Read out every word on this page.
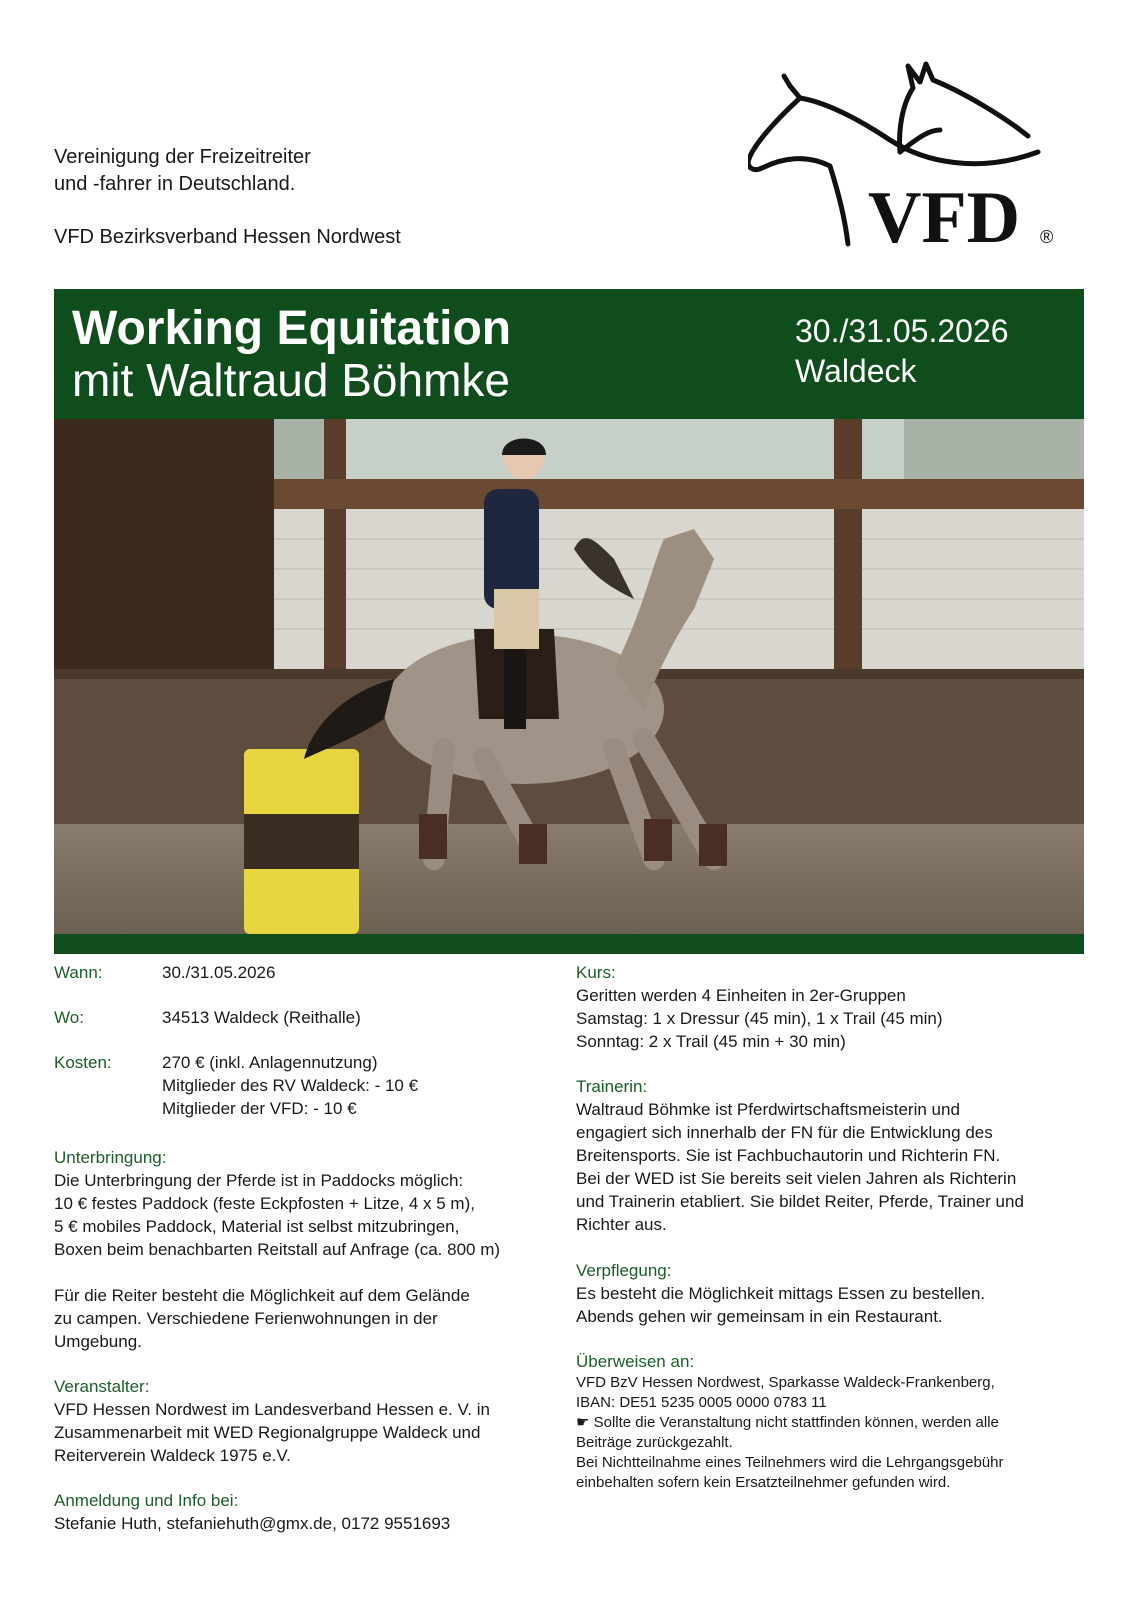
Vereinigung der Freizeitreiter
und -fahrer in Deutschland.
VFD Bezirksverband Hessen Nordwest	VFD ®
Working Equitation
mit Waltraud Böhmke
30./31.05.2026
Waldeck
Wann:	30./31.05.2026
Wo:	34513 Waldeck (Reithalle)
Kosten:	270 € (inkl. Anlagennutzung)
Mitglieder des RV Waldeck: - 10 €
Mitglieder der VFD: - 10 €
Unterbringung:
Die Unterbringung der Pferde ist in Paddocks möglich:
10 € festes Paddock (feste Eckpfosten + Litze, 4 x 5 m),
5 € mobiles Paddock, Material ist selbst mitzubringen,
Boxen beim benachbarten Reitstall auf Anfrage (ca. 800 m)
Für die Reiter besteht die Möglichkeit auf dem Gelände
zu campen. Verschiedene Ferienwohnungen in der
Umgebung.
Veranstalter:
VFD Hessen Nordwest im Landesverband Hessen e. V. in
Zusammenarbeit mit WED Regionalgruppe Waldeck und
Reiterverein Waldeck 1975 e.V.
Anmeldung und Info bei:
Stefanie Huth, stefaniehuth@gmx.de, 0172 9551693
Kurs:
Geritten werden 4 Einheiten in 2er-Gruppen
Samstag: 1 x Dressur (45 min), 1 x Trail (45 min)
Sonntag: 2 x Trail (45 min + 30 min)
Trainerin:
Waltraud Böhmke ist Pferdwirtschaftsmeisterin und
engagiert sich innerhalb der FN für die Entwicklung des
Breitensports. Sie ist Fachbuchautorin und Richterin FN.
Bei der WED ist Sie bereits seit vielen Jahren als Richterin
und Trainerin etabliert. Sie bildet Reiter, Pferde, Trainer und
Richter aus.
Verpflegung:
Es besteht die Möglichkeit mittags Essen zu bestellen.
Abends gehen wir gemeinsam in ein Restaurant.
Überweisen an:
VFD BzV Hessen Nordwest, Sparkasse Waldeck-Frankenberg,
IBAN: DE51 5235 0005 0000 0783 11
☛ Sollte die Veranstaltung nicht stattfinden können, werden alle
Beiträge zurückgezahlt.
Bei Nichtteilnahme eines Teilnehmers wird die Lehrgangsgebühr
einbehalten sofern kein Ersatzteilnehmer gefunden wird.
